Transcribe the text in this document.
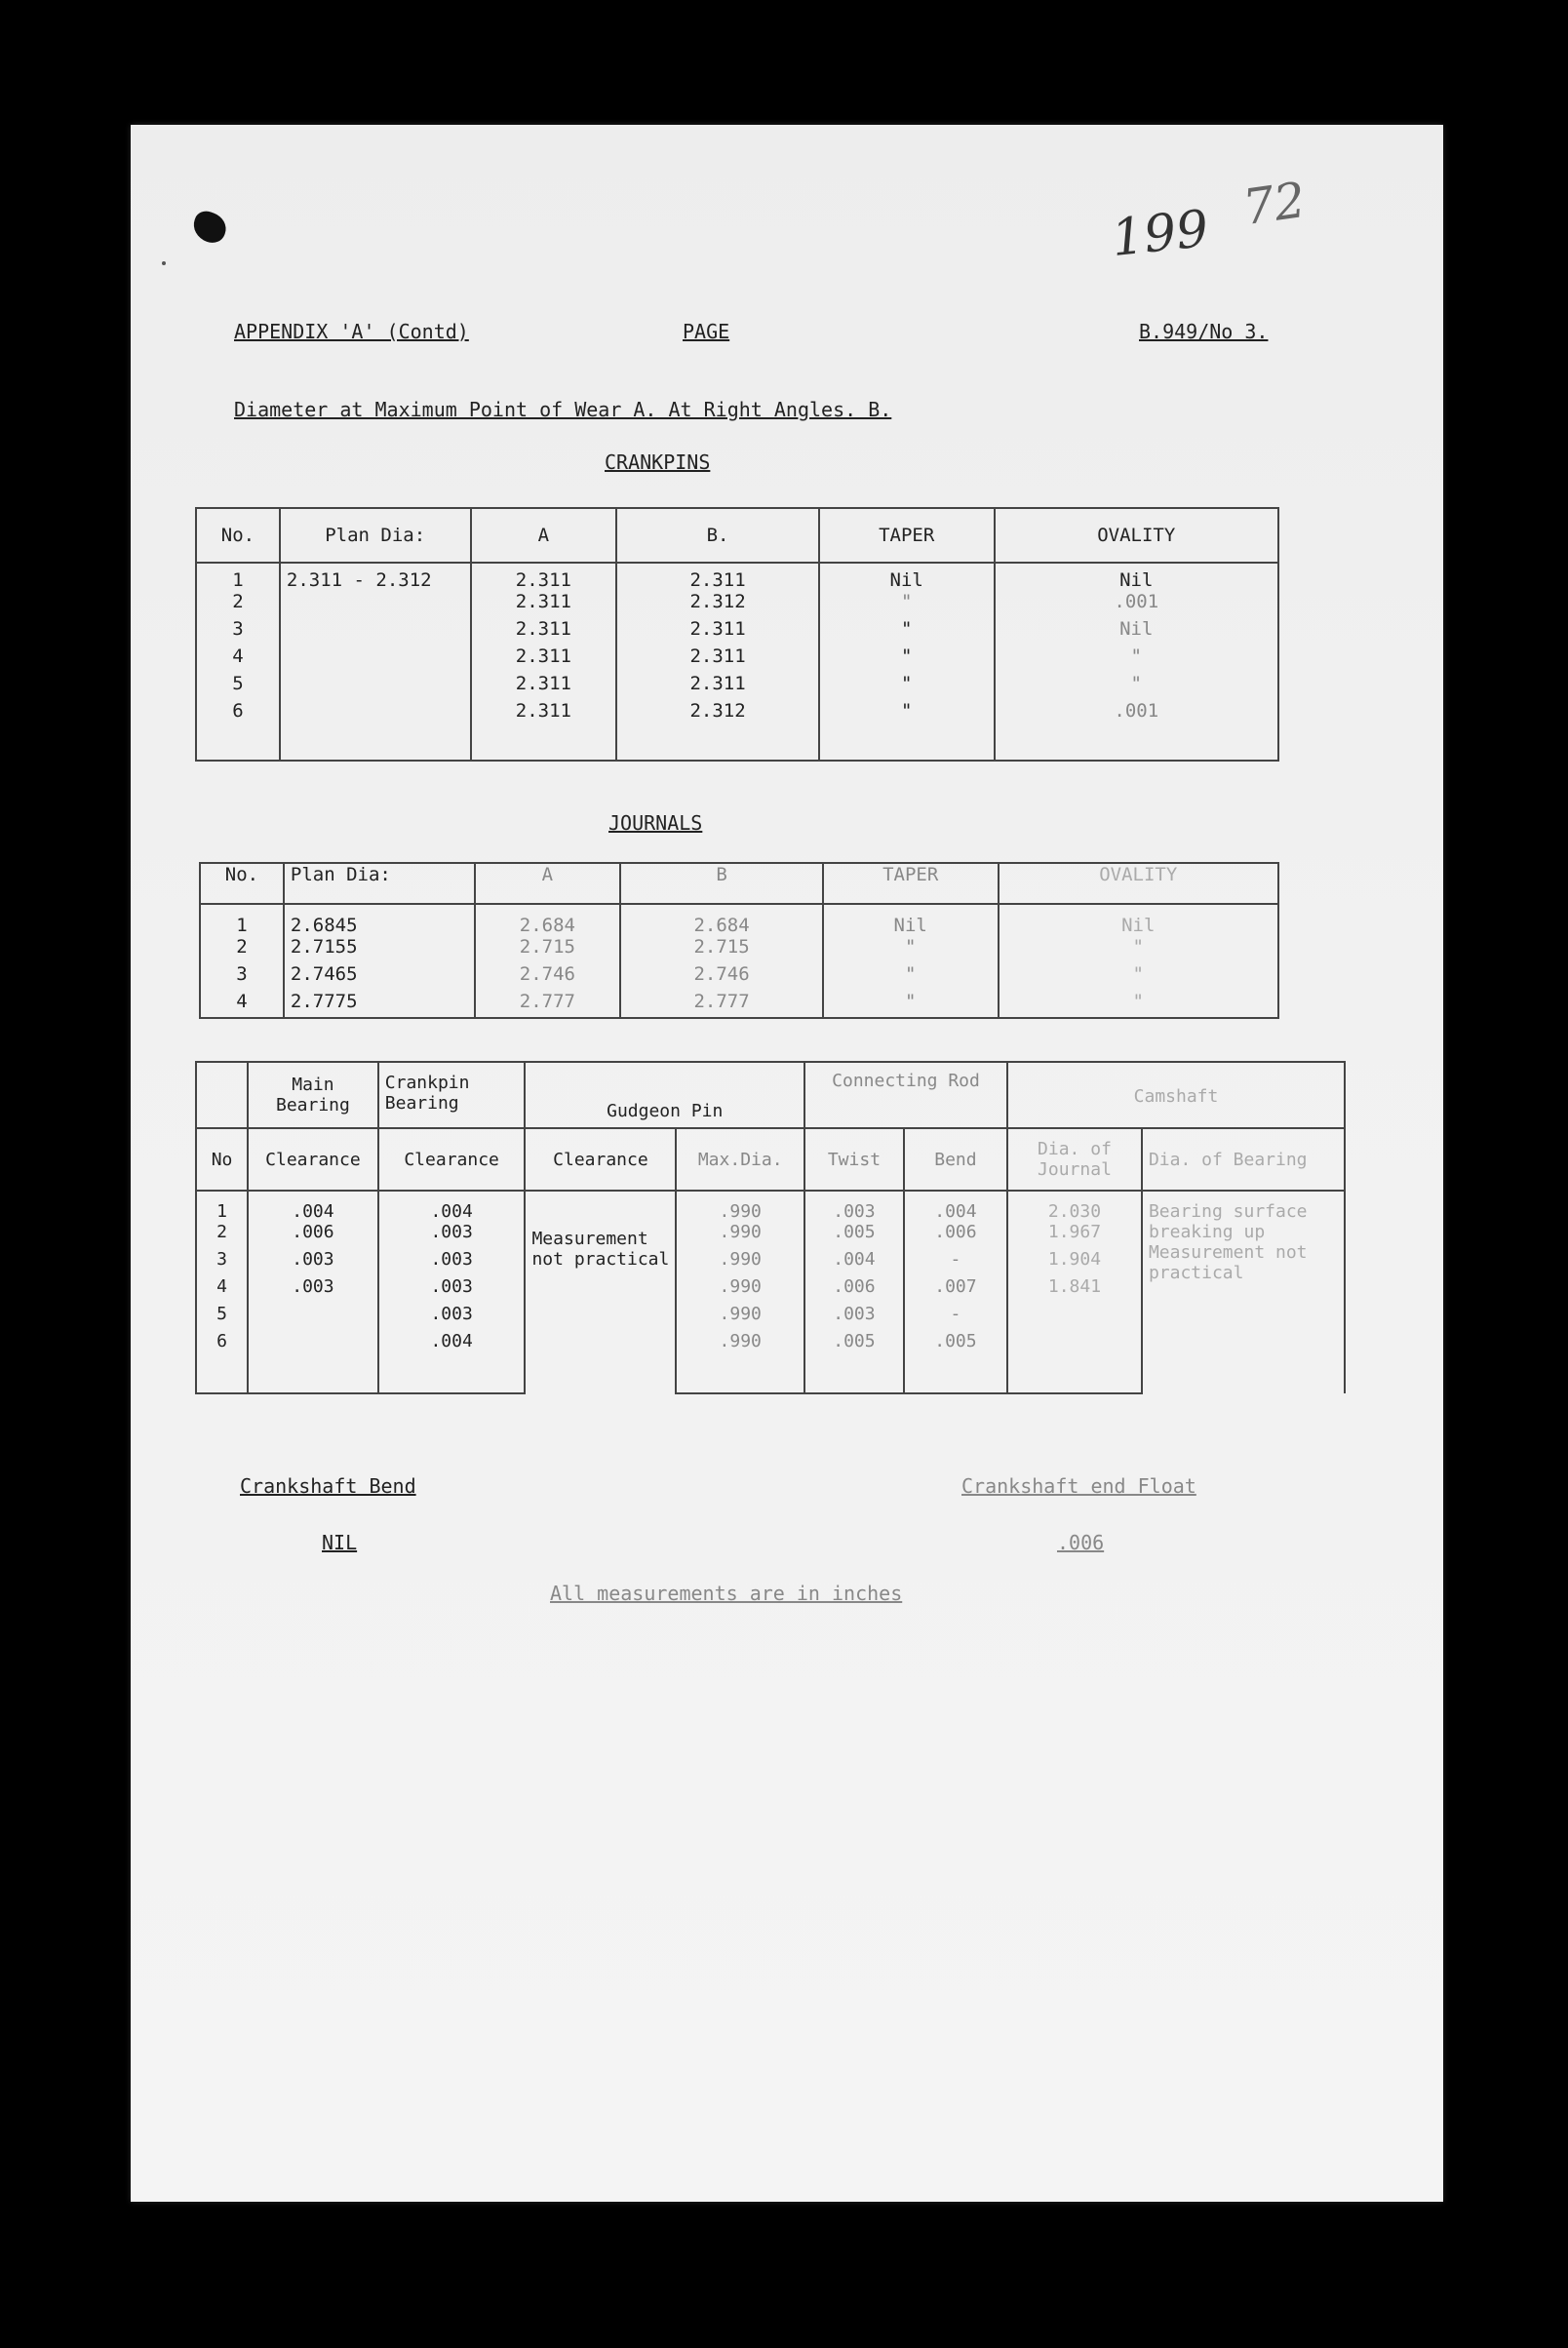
199 72
APPENDIX 'A' (Contd)	PAGE	B.949/No 3.
Diameter at Maximum Point of Wear A. At Right Angles. B.
CRANKPINS
No.	Plan Dia:	A	B.	TAPER	OVALITY
1	2.311 - 2.312	2.311	2.311	Nil	Nil
2		2.311	2.312	"	.001
3		2.311	2.311	"	Nil
4		2.311	2.311	"	"
5		2.311	2.311	"	"
6		2.311	2.312	"	.001
JOURNALS
No.	Plan Dia:	A	B	TAPER	OVALITY
1	2.6845	2.684	2.684	Nil	Nil
2	2.7155	2.715	2.715	"	"
3	2.7465	2.746	2.746	"	"
4	2.7775	2.777	2.777	"	"
	Main Bearing	Crankpin Bearing	Gudgeon Pin		Connecting Rod		Camshaft	
No	Clearance	Clearance	Clearance	Max.Dia.	Twist	Bend	Dia. of Journal	Dia. of Bearing
1	.004	.004	Measurement not practical	.990	.003	.004	2.030	Bearing surface breaking up Measurement not practical
2	.006	.003		.990	.005	.006	1.967	
3	.003	.003		.990	.004	-	1.904	
4	.003	.003		.990	.006	.007	1.841	
5		.003		.990	.003	-		
6		.004		.990	.005	.005		
Crankshaft Bend
NIL
Crankshaft end Float
.006
All measurements are in inches
